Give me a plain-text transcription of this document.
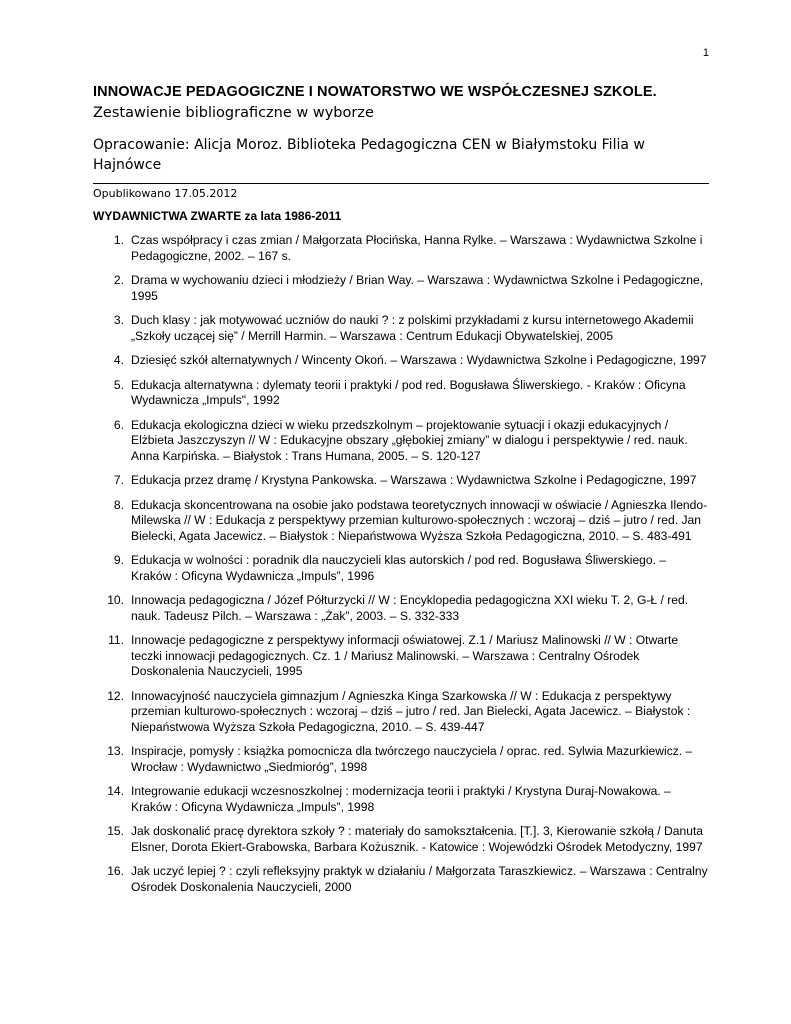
1
INNOWACJE PEDAGOGICZNE I NOWATORSTWO WE WSPÓŁCZESNEJ SZKOLE.

Zestawienie bibliograficzne w wyborze

Opracowanie: Alicja Moroz. Biblioteka Pedagogiczna CEN w Białymstoku Filia w Hajnówce

Opublikowano 17.05.2012

WYDAWNICTWA ZWARTE za lata 1986-2011
1. Czas współpracy i czas zmian / Małgorzata Płocińska, Hanna Rylke. – Warszawa : Wydawnictwa Szkolne i Pedagogiczne, 2002. – 167 s.
2. Drama w wychowaniu dzieci i młodzieży / Brian Way. – Warszawa : Wydawnictwa Szkolne i Pedagogiczne, 1995
3. Duch klasy : jak motywować uczniów do nauki ? : z polskimi przykładami z kursu internetowego Akademii „Szkoły uczącej się” / Merrill Harmin. – Warszawa : Centrum Edukacji Obywatelskiej, 2005
4. Dziesięć szkół alternatywnych / Wincenty Okoń. – Warszawa : Wydawnictwa Szkolne i Pedagogiczne, 1997
5. Edukacja alternatywna : dylematy teorii i praktyki / pod red. Bogusława Śliwerskiego. - Kraków : Oficyna Wydawnicza „Impuls", 1992
6. Edukacja ekologiczna dzieci w wieku przedszkolnym – projektowanie sytuacji i okazji edukacyjnych / Elżbieta Jaszczyszyn // W : Edukacyjne obszary „głębokiej zmiany” w dialogu i perspektywie / red. nauk. Anna Karpińska. – Białystok : Trans Humana, 2005. – S. 120-127
7. Edukacja przez dramę / Krystyna Pankowska. – Warszawa : Wydawnictwa Szkolne i Pedagogiczne, 1997
8. Edukacja skoncentrowana na osobie jako podstawa teoretycznych innowacji w oświacie / Agnieszka Ilendo-Milewska // W : Edukacja z perspektywy przemian kulturowo-społecznych : wczoraj – dziś – jutro / red. Jan Bielecki, Agata Jacewicz. – Białystok : Niepaństwowa Wyższa Szkoła Pedagogiczna, 2010. – S. 483-491
9. Edukacja w wolności : poradnik dla nauczycieli klas autorskich / pod red. Bogusława Śliwerskiego. – Kraków : Oficyna Wydawnicza „Impuls”, 1996
10. Innowacja pedagogiczna / Józef Półturzycki // W : Encyklopedia pedagogiczna XXI wieku T. 2, G-Ł / red. nauk. Tadeusz Pilch. – Warszawa : „Żak”, 2003. – S. 332-333
11. Innowacje pedagogiczne z perspektywy informacji oświatowej. Z.1 / Mariusz Malinowski // W : Otwarte teczki innowacji pedagogicznych. Cz. 1 / Mariusz Malinowski. – Warszawa : Centralny Ośrodek Doskonalenia Nauczycieli, 1995
12. Innowacyjność nauczyciela gimnazjum / Agnieszka Kinga Szarkowska // W : Edukacja z perspektywy przemian kulturowo-społecznych : wczoraj – dziś – jutro / red. Jan Bielecki, Agata Jacewicz. – Białystok : Niepaństwowa Wyższa Szkoła Pedagogiczna, 2010. – S. 439-447
13. Inspiracje, pomysły : książka pomocnicza dla twórczego nauczyciela / oprac. red. Sylwia Mazurkiewicz. – Wrocław : Wydawnictwo „Siedmioróg”, 1998
14. Integrowanie edukacji wczesnoszkolnej : modernizacja teorii i praktyki / Krystyna Duraj-Nowakowa. – Kraków : Oficyna Wydawnicza „Impuls”, 1998
15. Jak doskonalić pracę dyrektora szkoły ? : materiały do samokształcenia. [T.]. 3, Kierowanie szkołą / Danuta Elsner, Dorota Ekiert-Grabowska, Barbara Kożusznik. - Katowice : Wojewódzki Ośrodek Metodyczny, 1997
16. Jak uczyć lepiej ? : czyli refleksyjny praktyk w działaniu / Małgorzata Taraszkiewicz. – Warszawa : Centralny Ośrodek Doskonalenia Nauczycieli, 2000
